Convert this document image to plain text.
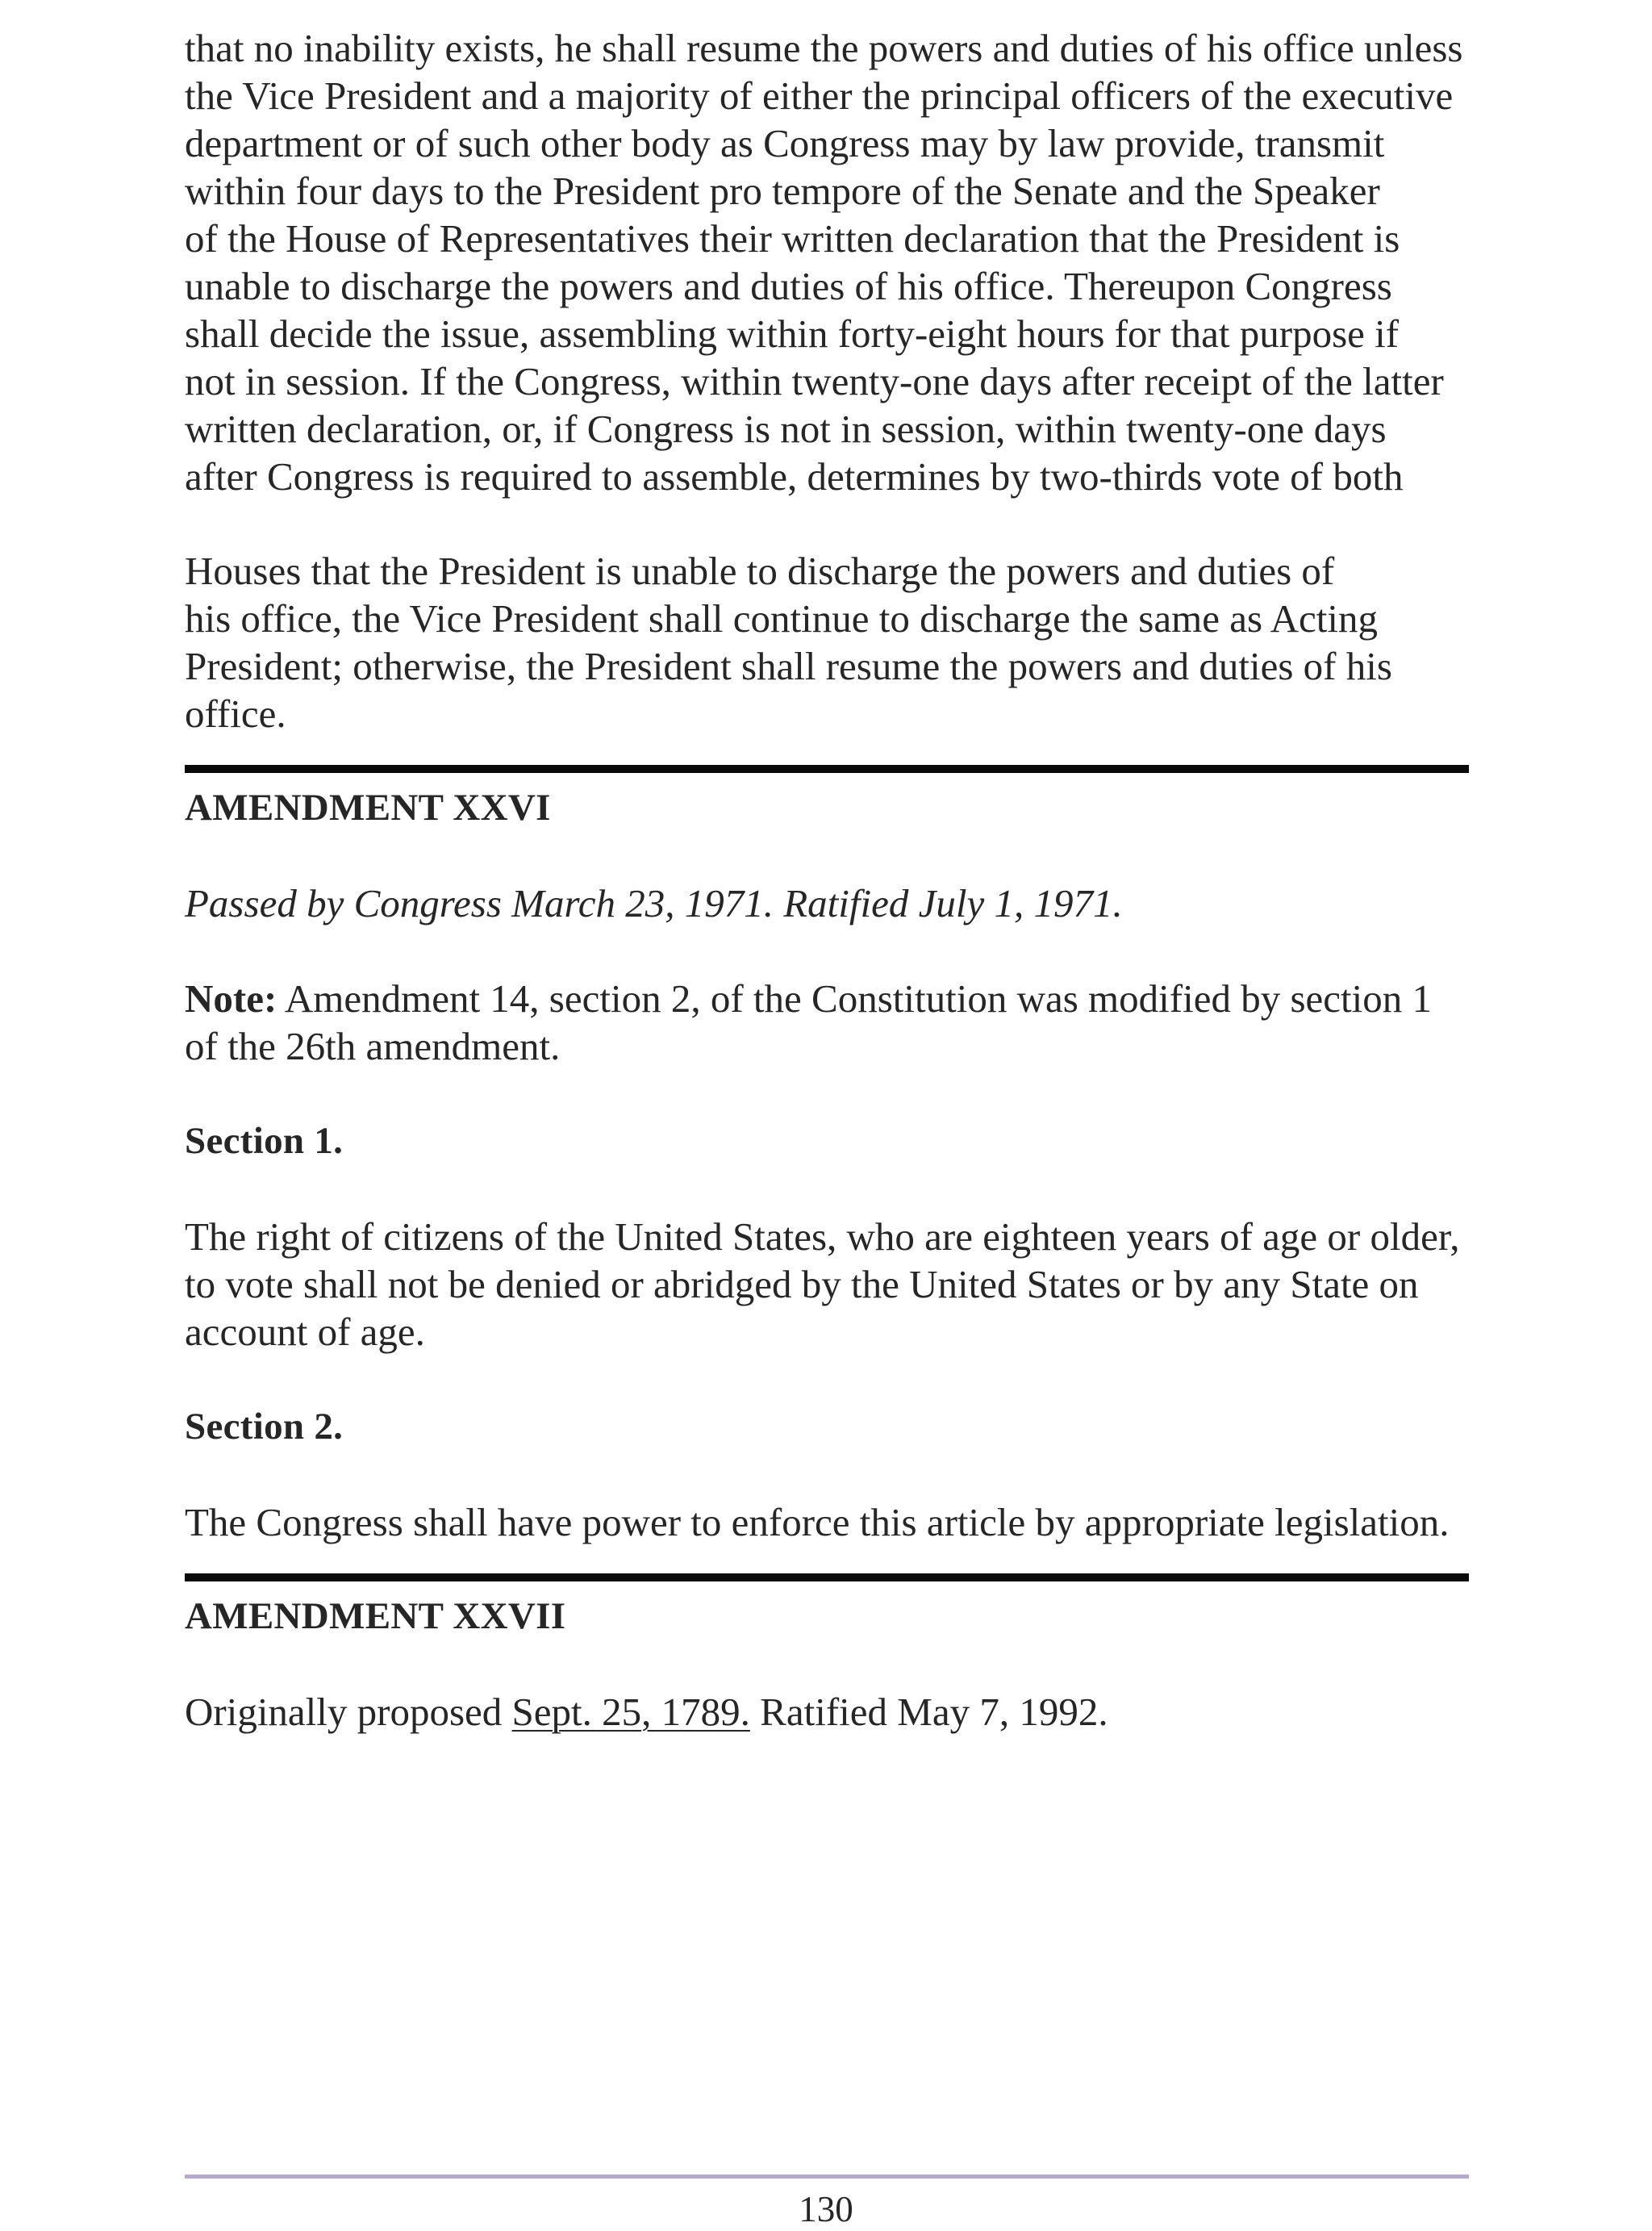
that no inability exists, he shall resume the powers and duties of his office unless
the Vice President and a majority of either the principal officers of the executive
department or of such other body as Congress may by law provide, transmit
within four days to the President pro tempore of the Senate and the Speaker
of the House of Representatives their written declaration that the President is
unable to discharge the powers and duties of his office. Thereupon Congress
shall decide the issue, assembling within forty-eight hours for that purpose if
not in session. If the Congress, within twenty-one days after receipt of the latter
written declaration, or, if Congress is not in session, within twenty-one days
after Congress is required to assemble, determines by two-thirds vote of both

Houses that the President is unable to discharge the powers and duties of
his office, the Vice President shall continue to discharge the same as Acting
President; otherwise, the President shall resume the powers and duties of his
office.

AMENDMENT XXVI

Passed by Congress March 23, 1971. Ratified July 1, 1971.

Note: Amendment 14, section 2, of the Constitution was modified by section 1
of the 26th amendment.

Section 1.

The right of citizens of the United States, who are eighteen years of age or older,
to vote shall not be denied or abridged by the United States or by any State on
account of age.

Section 2.

The Congress shall have power to enforce this article by appropriate legislation.

AMENDMENT XXVII

Originally proposed Sept. 25, 1789. Ratified May 7, 1992.

130
